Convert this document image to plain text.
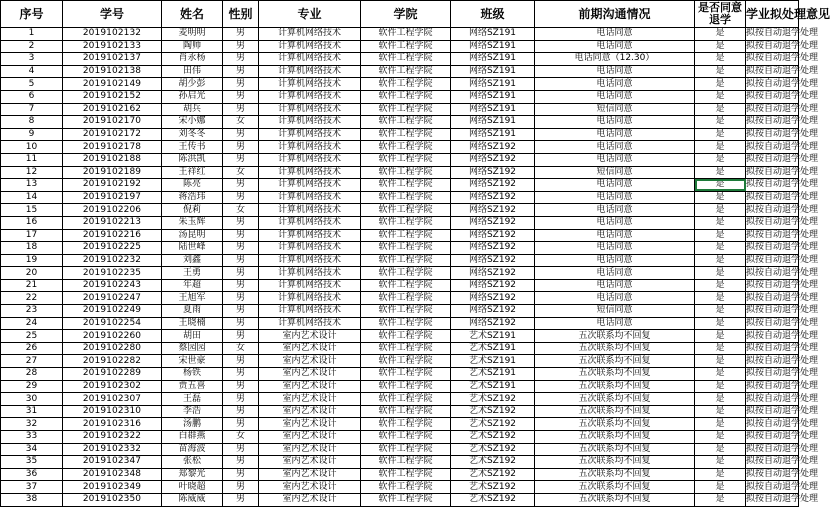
序号	学号	姓名	性别	专业	学院	班级	前期沟通情况	是否同意退学	学业拟处理意见
1	2019102132	麦明明	男	计算机网络技术	软件工程学院	网络SZ191	电话同意	是	拟按自动退学处理
2	2019102133	陶帅	男	计算机网络技术	软件工程学院	网络SZ191	电话同意	是	拟按自动退学处理
3	2019102137	肖永杨	男	计算机网络技术	软件工程学院	网络SZ191	电话同意（12.30）	是	拟按自动退学处理
4	2019102138	田伟	男	计算机网络技术	软件工程学院	网络SZ191	电话同意	是	拟按自动退学处理
5	2019102149	胡少彭	男	计算机网络技术	软件工程学院	网络SZ191	电话同意	是	拟按自动退学处理
6	2019102152	孙启光	男	计算机网络技术	软件工程学院	网络SZ191	电话同意	是	拟按自动退学处理
7	2019102162	胡兵	男	计算机网络技术	软件工程学院	网络SZ191	短信同意	是	拟按自动退学处理
8	2019102170	宋小娜	女	计算机网络技术	软件工程学院	网络SZ191	电话同意	是	拟按自动退学处理
9	2019102172	刘冬冬	男	计算机网络技术	软件工程学院	网络SZ191	电话同意	是	拟按自动退学处理
10	2019102178	王传书	男	计算机网络技术	软件工程学院	网络SZ192	电话同意	是	拟按自动退学处理
11	2019102188	陈洪凯	男	计算机网络技术	软件工程学院	网络SZ192	电话同意	是	拟按自动退学处理
12	2019102189	王祥红	女	计算机网络技术	软件工程学院	网络SZ192	短信同意	是	拟按自动退学处理
13	2019102192	陈亮	男	计算机网络技术	软件工程学院	网络SZ192	电话同意	是	拟按自动退学处理
14	2019102197	蒋浩玮	男	计算机网络技术	软件工程学院	网络SZ192	电话同意	是	拟按自动退学处理
15	2019102206	倪莉	女	计算机网络技术	软件工程学院	网络SZ192	电话同意	是	拟按自动退学处理
16	2019102213	朱玉辉	男	计算机网络技术	软件工程学院	网络SZ192	电话同意	是	拟按自动退学处理
17	2019102216	汤昆明	男	计算机网络技术	软件工程学院	网络SZ192	电话同意	是	拟按自动退学处理
18	2019102225	陆世峰	男	计算机网络技术	软件工程学院	网络SZ192	电话同意	是	拟按自动退学处理
19	2019102232	刘鑫	男	计算机网络技术	软件工程学院	网络SZ192	电话同意	是	拟按自动退学处理
20	2019102235	王勇	男	计算机网络技术	软件工程学院	网络SZ192	电话同意	是	拟按自动退学处理
21	2019102243	年超	男	计算机网络技术	软件工程学院	网络SZ192	电话同意	是	拟按自动退学处理
22	2019102247	王旭军	男	计算机网络技术	软件工程学院	网络SZ192	电话同意	是	拟按自动退学处理
23	2019102249	夏雨	男	计算机网络技术	软件工程学院	网络SZ192	短信同意	是	拟按自动退学处理
24	2019102254	王晓楠	男	计算机网络技术	软件工程学院	网络SZ192	电话同意	是	拟按自动退学处理
25	2019102260	胡田	男	室内艺术设计	软件工程学院	艺术SZ191	五次联系均不回复	是	拟按自动退学处理
26	2019102280	蔡园园	女	室内艺术设计	软件工程学院	艺术SZ191	五次联系均不回复	是	拟按自动退学处理
27	2019102282	宋世豪	男	室内艺术设计	软件工程学院	艺术SZ191	五次联系均不回复	是	拟按自动退学处理
28	2019102289	杨铁	男	室内艺术设计	软件工程学院	艺术SZ191	五次联系均不回复	是	拟按自动退学处理
29	2019102302	贾五喜	男	室内艺术设计	软件工程学院	艺术SZ191	五次联系均不回复	是	拟按自动退学处理
30	2019102307	王磊	男	室内艺术设计	软件工程学院	艺术SZ192	五次联系均不回复	是	拟按自动退学处理
31	2019102310	李浩	男	室内艺术设计	软件工程学院	艺术SZ192	五次联系均不回复	是	拟按自动退学处理
32	2019102316	汤鹏	男	室内艺术设计	软件工程学院	艺术SZ192	五次联系均不回复	是	拟按自动退学处理
33	2019102322	白群燕	女	室内艺术设计	软件工程学院	艺术SZ192	五次联系均不回复	是	拟按自动退学处理
34	2019102332	苗海波	男	室内艺术设计	软件工程学院	艺术SZ192	五次联系均不回复	是	拟按自动退学处理
35	2019102347	张松	男	室内艺术设计	软件工程学院	艺术SZ192	五次联系均不回复	是	拟按自动退学处理
36	2019102348	郑黎光	男	室内艺术设计	软件工程学院	艺术SZ192	五次联系均不回复	是	拟按自动退学处理
37	2019102349	叶晓超	男	室内艺术设计	软件工程学院	艺术SZ192	五次联系均不回复	是	拟按自动退学处理
38	2019102350	陈威威	男	室内艺术设计	软件工程学院	艺术SZ192	五次联系均不回复	是	拟按自动退学处理
